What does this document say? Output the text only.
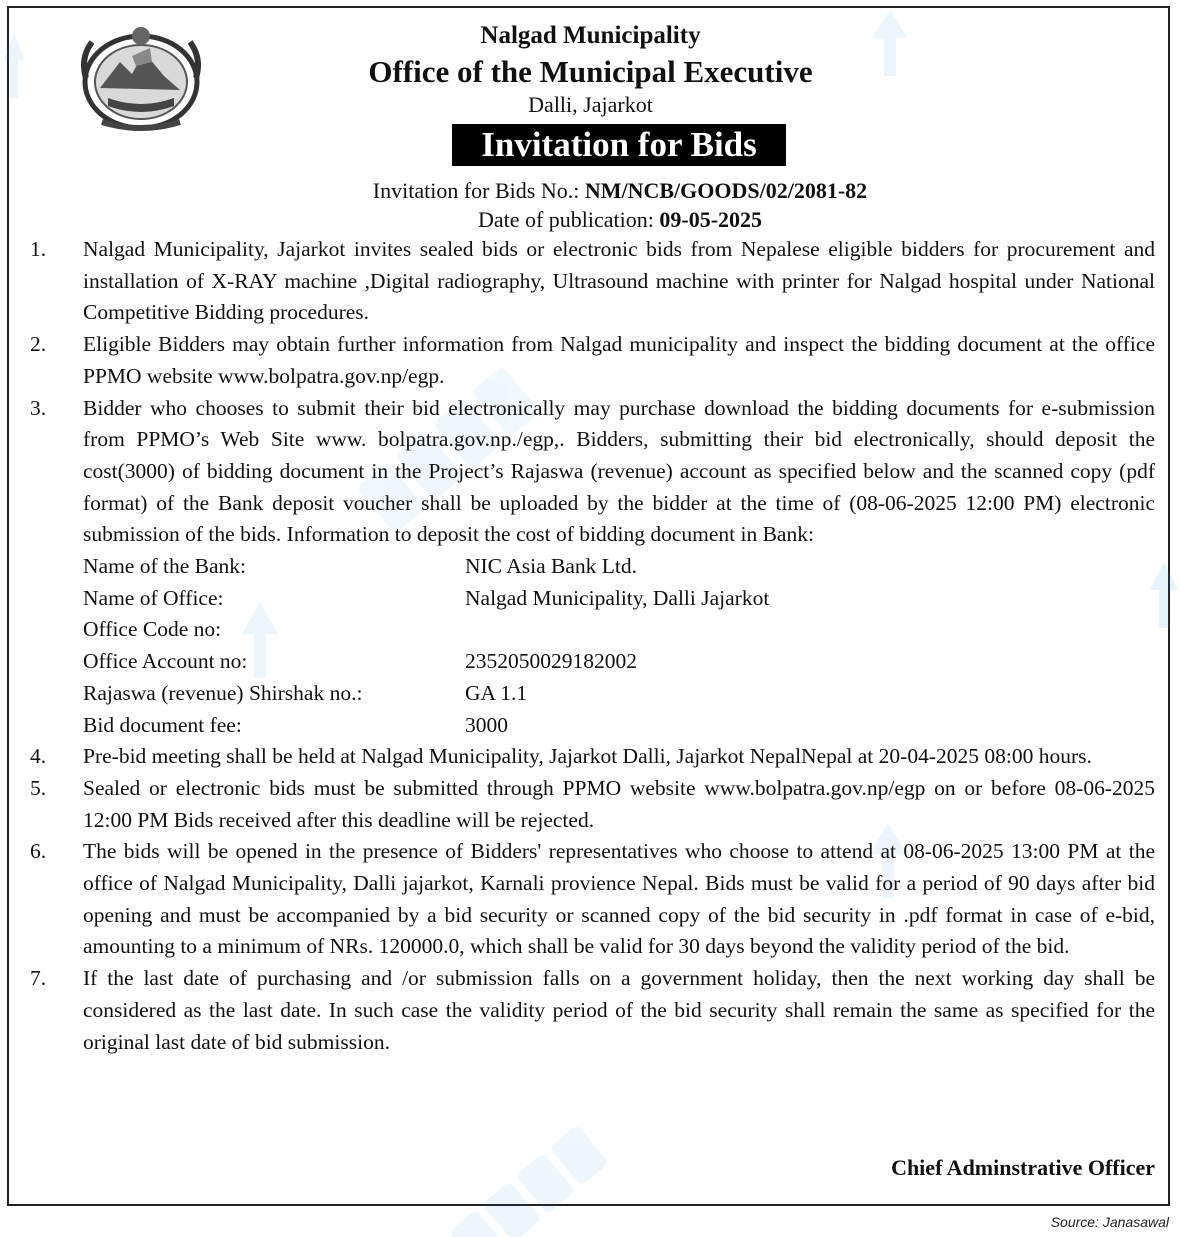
Nalgad Municipality
Office of the Municipal Executive
Dalli, Jajarkot
Invitation for Bids
Invitation for Bids No.: NM/NCB/GOODS/02/2081-82
Date of publication: 09-05-2025
1. Nalgad Municipality, Jajarkot invites sealed bids or electronic bids from Nepalese eligible bidders for procurement and installation of X-RAY machine ,Digital radiography, Ultrasound machine with printer for Nalgad hospital under National Competitive Bidding procedures.
2. Eligible Bidders may obtain further information from Nalgad municipality and inspect the bidding document at the office PPMO website www.bolpatra.gov.np/egp.
3. Bidder who chooses to submit their bid electronically may purchase download the bidding documents for e-submission from PPMO’s Web Site www. bolpatra.gov.np./egp,. Bidders, submitting their bid electronically, should deposit the cost(3000) of bidding document in the Project’s Rajaswa (revenue) account as specified below and the scanned copy (pdf format) of the Bank deposit voucher shall be uploaded by the bidder at the time of (08-06-2025 12:00 PM) electronic submission of the bids. Information to deposit the cost of bidding document in Bank:
Name of the Bank:	NIC Asia Bank Ltd.
Name of Office:	Nalgad Municipality, Dalli Jajarkot
Office Code no:
Office Account no:	2352050029182002
Rajaswa (revenue) Shirshak no.:	GA 1.1
Bid document fee:	3000
4. Pre-bid meeting shall be held at Nalgad Municipality, Jajarkot Dalli, Jajarkot NepalNepal at 20-04-2025 08:00 hours.
5. Sealed or electronic bids must be submitted through PPMO website www.bolpatra.gov.np/egp on or before 08-06-2025 12:00 PM Bids received after this deadline will be rejected.
6. The bids will be opened in the presence of Bidders' representatives who choose to attend at 08-06-2025 13:00 PM at the office of Nalgad Municipality, Dalli jajarkot, Karnali provience Nepal. Bids must be valid for a period of 90 days after bid opening and must be accompanied by a bid security or scanned copy of the bid security in .pdf format in case of e-bid, amounting to a minimum of NRs. 120000.0, which shall be valid for 30 days beyond the validity period of the bid.
7. If the last date of purchasing and /or submission falls on a government holiday, then the next working day shall be considered as the last date. In such case the validity period of the bid security shall remain the same as specified for the original last date of bid submission.
Chief Adminstrative Officer
Source: Janasawal
